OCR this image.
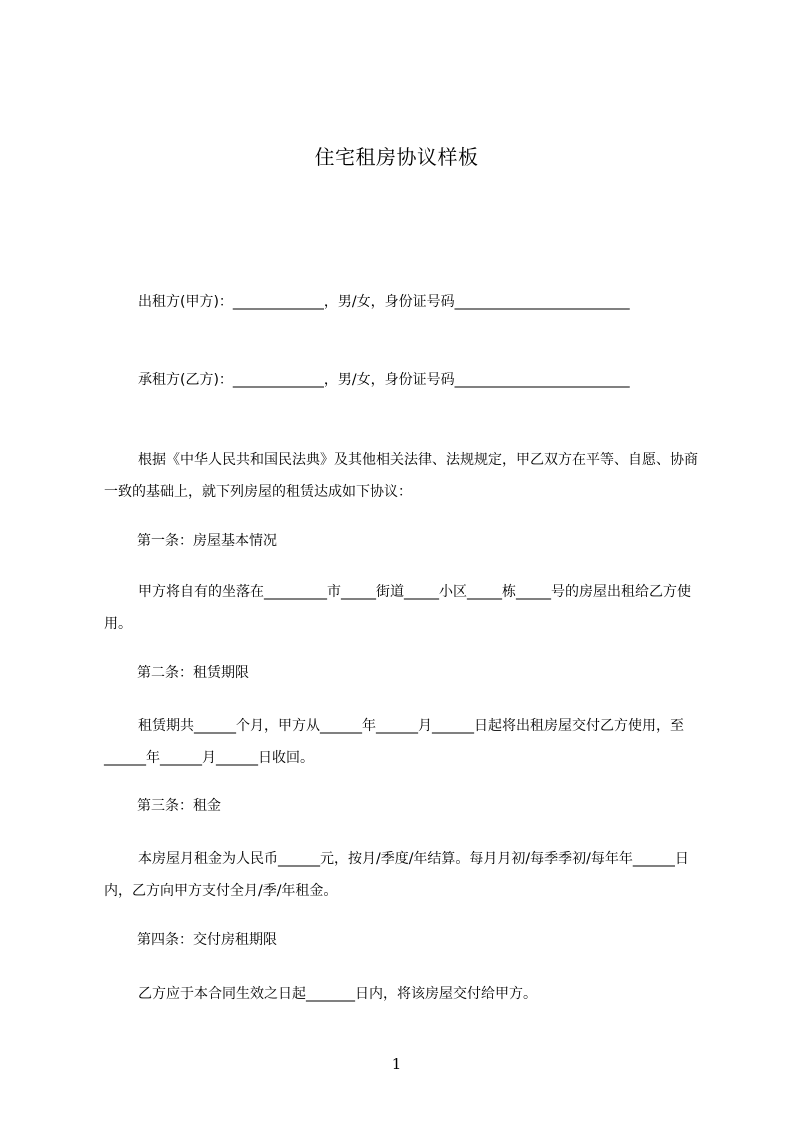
住宅租房协议样板

出租方(甲方)：_____________，男/女，身份证号码_________________________

承租方(乙方)：_____________，男/女，身份证号码_________________________

根据《中华人民共和国民法典》及其他相关法律、法规规定，甲乙双方在平等、自愿、协商一致的基础上，就下列房屋的租赁达成如下协议：

第一条：房屋基本情况

甲方将自有的坐落在_________市_____街道_____小区_____栋_____号的房屋出租给乙方使用。

第二条：租赁期限

租赁期共______个月，甲方从______年______月______日起将出租房屋交付乙方使用，至______年______月______日收回。

第三条：租金

本房屋月租金为人民币______元，按月/季度/年结算。每月月初/每季季初/每年年______日内，乙方向甲方支付全月/季/年租金。

第四条：交付房租期限

乙方应于本合同生效之日起_______日内，将该房屋交付给甲方。

1
